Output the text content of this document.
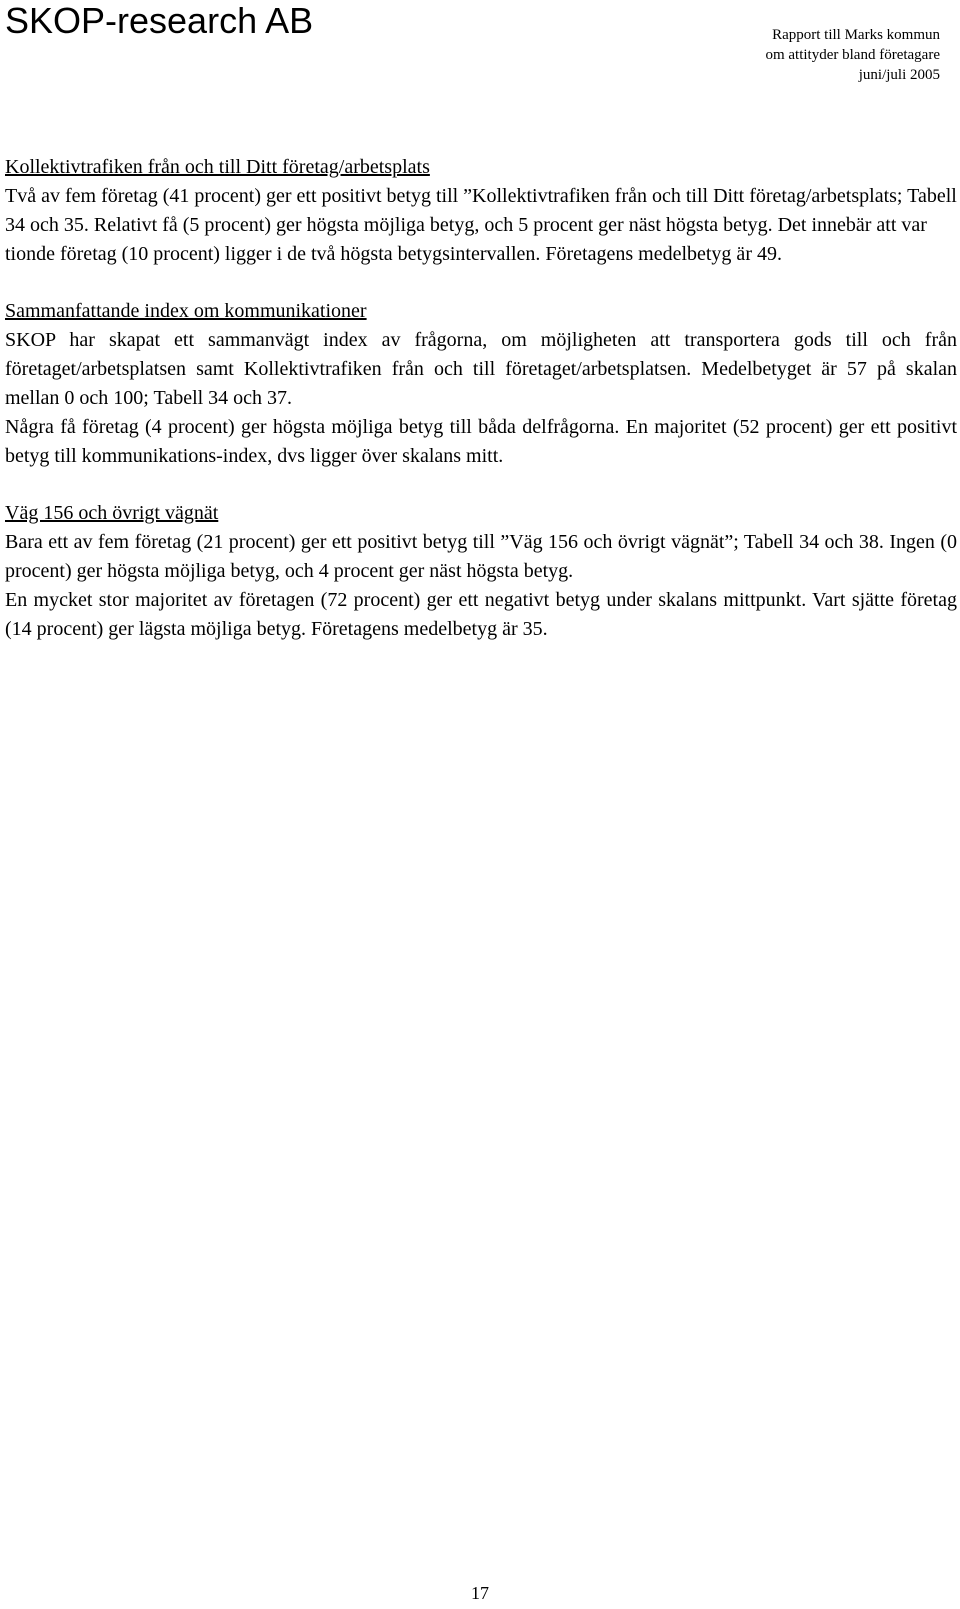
SKOP-research AB	Rapport till Marks kommun
om attityder bland företagare
juni/juli 2005
Kollektivtrafiken från och till Ditt företag/arbetsplats

Två av fem företag (41 procent) ger ett positivt betyg till ”Kollektivtrafiken från och till Ditt företag/arbetsplats; Tabell 34 och 35. Relativt få (5 procent) ger högsta möjliga betyg, och 5 procent ger näst högsta betyg. Det innebär att var tionde företag (10 procent) ligger i de två högsta betygsintervallen. Företagens medelbetyg är 49.

Sammanfattande index om kommunikationer

SKOP har skapat ett sammanvägt index av frågorna, om möjligheten att transportera gods till och från företaget/arbetsplatsen samt Kollektivtrafiken från och till företaget/arbetsplatsen. Medelbetyget är 57 på skalan mellan 0 och 100; Tabell 34 och 37.

Några få företag (4 procent) ger högsta möjliga betyg till båda delfrågorna. En majoritet (52 procent) ger ett positivt betyg till kommunikations-index, dvs ligger över skalans mitt.

Väg 156 och övrigt vägnät

Bara ett av fem företag (21 procent) ger ett positivt betyg till ”Väg 156 och övrigt vägnät”; Tabell 34 och 38. Ingen (0 procent) ger högsta möjliga betyg, och 4 procent ger näst högsta betyg.

En mycket stor majoritet av företagen (72 procent) ger ett negativt betyg under skalans mittpunkt. Vart sjätte företag (14 procent) ger lägsta möjliga betyg. Företagens medelbetyg är 35.

17
